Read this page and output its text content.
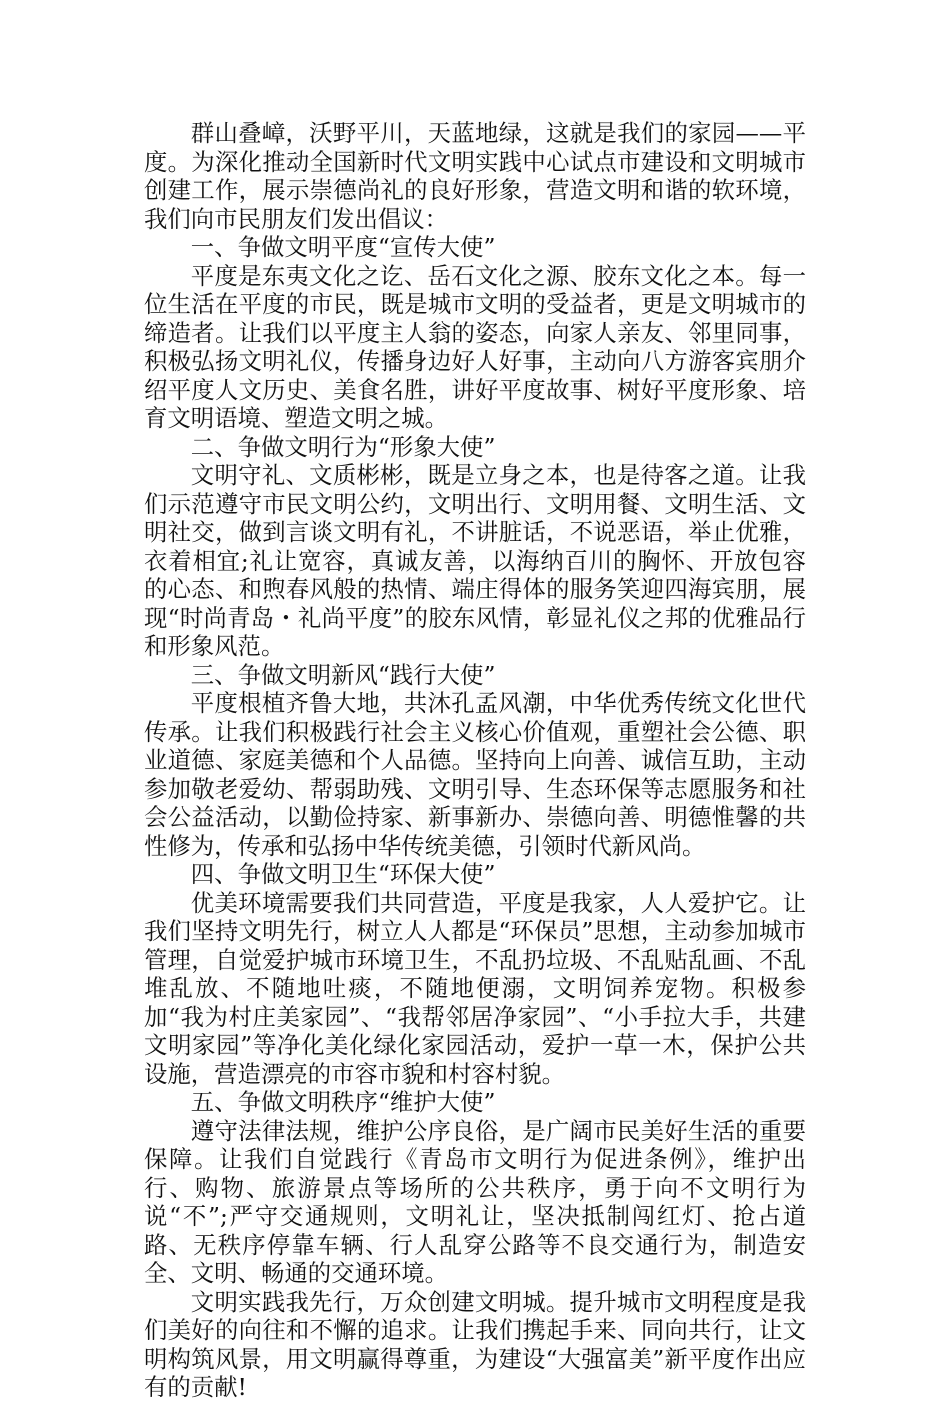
群山叠嶂，沃野平川，天蓝地绿，这就是我们的家园——平度。为深化推动全国新时代文明实践中心试点市建设和文明城市创建工作，展示崇德尚礼的良好形象，营造文明和谐的软环境，我们向市民朋友们发出倡议：

一、争做文明平度“宣传大使”

平度是东夷文化之讫、岳石文化之源、胶东文化之本。每一位生活在平度的市民，既是城市文明的受益者，更是文明城市的缔造者。让我们以平度主人翁的姿态，向家人亲友、邻里同事，积极弘扬文明礼仪，传播身边好人好事，主动向八方游客宾朋介绍平度人文历史、美食名胜，讲好平度故事、树好平度形象、培育文明语境、塑造文明之城。

二、争做文明行为“形象大使”

文明守礼、文质彬彬，既是立身之本，也是待客之道。让我们示范遵守市民文明公约，文明出行、文明用餐、文明生活、文明社交，做到言谈文明有礼，不讲脏话，不说恶语，举止优雅，衣着相宜;礼让宽容，真诚友善，以海纳百川的胸怀、开放包容的心态、和煦春风般的热情、端庄得体的服务笑迎四海宾朋，展现“时尚青岛・礼尚平度”的胶东风情，彰显礼仪之邦的优雅品行和形象风范。

三、争做文明新风“践行大使”

平度根植齐鲁大地，共沐孔孟风潮，中华优秀传统文化世代传承。让我们积极践行社会主义核心价值观，重塑社会公德、职业道德、家庭美德和个人品德。坚持向上向善、诚信互助，主动参加敬老爱幼、帮弱助残、文明引导、生态环保等志愿服务和社会公益活动，以勤俭持家、新事新办、崇德向善、明德惟馨的共性修为，传承和弘扬中华传统美德，引领时代新风尚。

四、争做文明卫生“环保大使”

优美环境需要我们共同营造，平度是我家，人人爱护它。让我们坚持文明先行，树立人人都是“环保员”思想，主动参加城市管理，自觉爱护城市环境卫生，不乱扔垃圾、不乱贴乱画、不乱堆乱放、不随地吐痰，不随地便溺，文明饲养宠物。积极参加“我为村庄美家园”、“我帮邻居净家园”、“小手拉大手，共建文明家园”等净化美化绿化家园活动，爱护一草一木，保护公共设施，营造漂亮的市容市貌和村容村貌。

五、争做文明秩序“维护大使”

遵守法律法规，维护公序良俗，是广阔市民美好生活的重要保障。让我们自觉践行《青岛市文明行为促进条例》，维护出行、购物、旅游景点等场所的公共秩序，勇于向不文明行为说“不”;严守交通规则，文明礼让，坚决抵制闯红灯、抢占道路、无秩序停靠车辆、行人乱穿公路等不良交通行为，制造安全、文明、畅通的交通环境。

文明实践我先行，万众创建文明城。提升城市文明程度是我们美好的向往和不懈的追求。让我们携起手来、同向共行，让文明构筑风景，用文明赢得尊重，为建设“大强富美”新平度作出应有的贡献!
